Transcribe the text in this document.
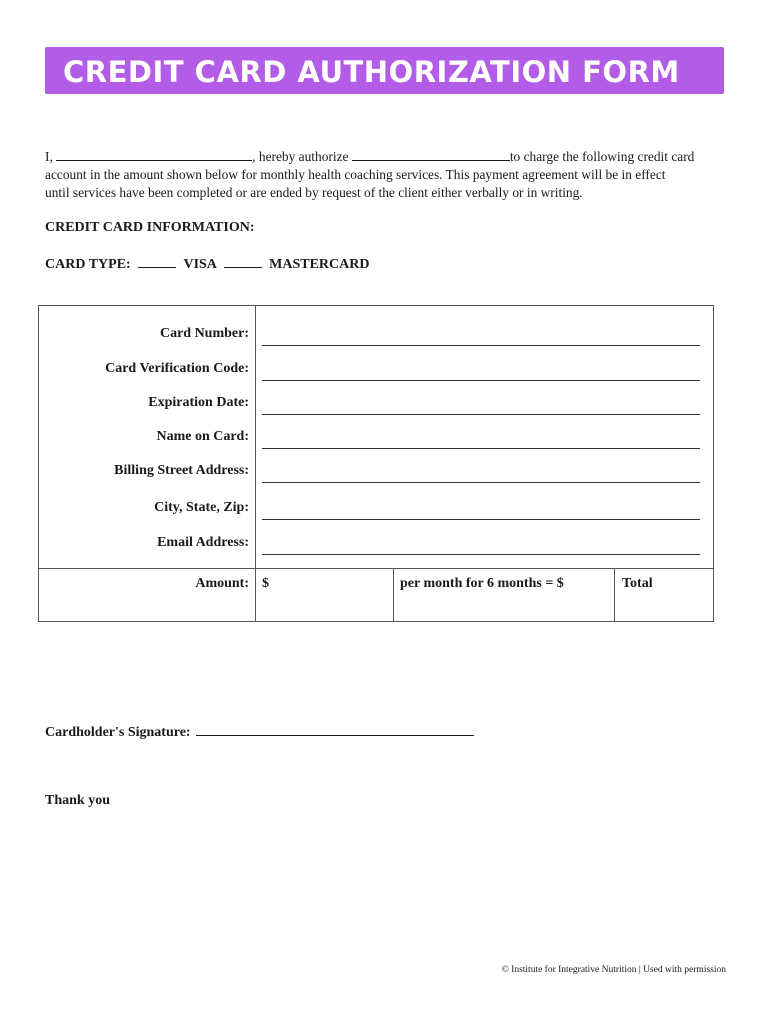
CREDIT CARD AUTHORIZATION FORM
I,	, hereby authorize	to charge the following credit card
account in the amount shown below for monthly health coaching services. This payment agreement will be in effect
until services have been completed or are ended by request of the client either verbally or in writing.
CREDIT CARD INFORMATION:
CARD TYPE:	VISA	MASTERCARD
Card Number:
Card Verification Code:
Expiration Date:
Name on Card:
Billing Street Address:
City, State, Zip:
Email Address:
Amount: $	per month for 6 months = $	Total
Cardholder's Signature:
Thank you
© Institute for Integrative Nutrition | Used with permission
